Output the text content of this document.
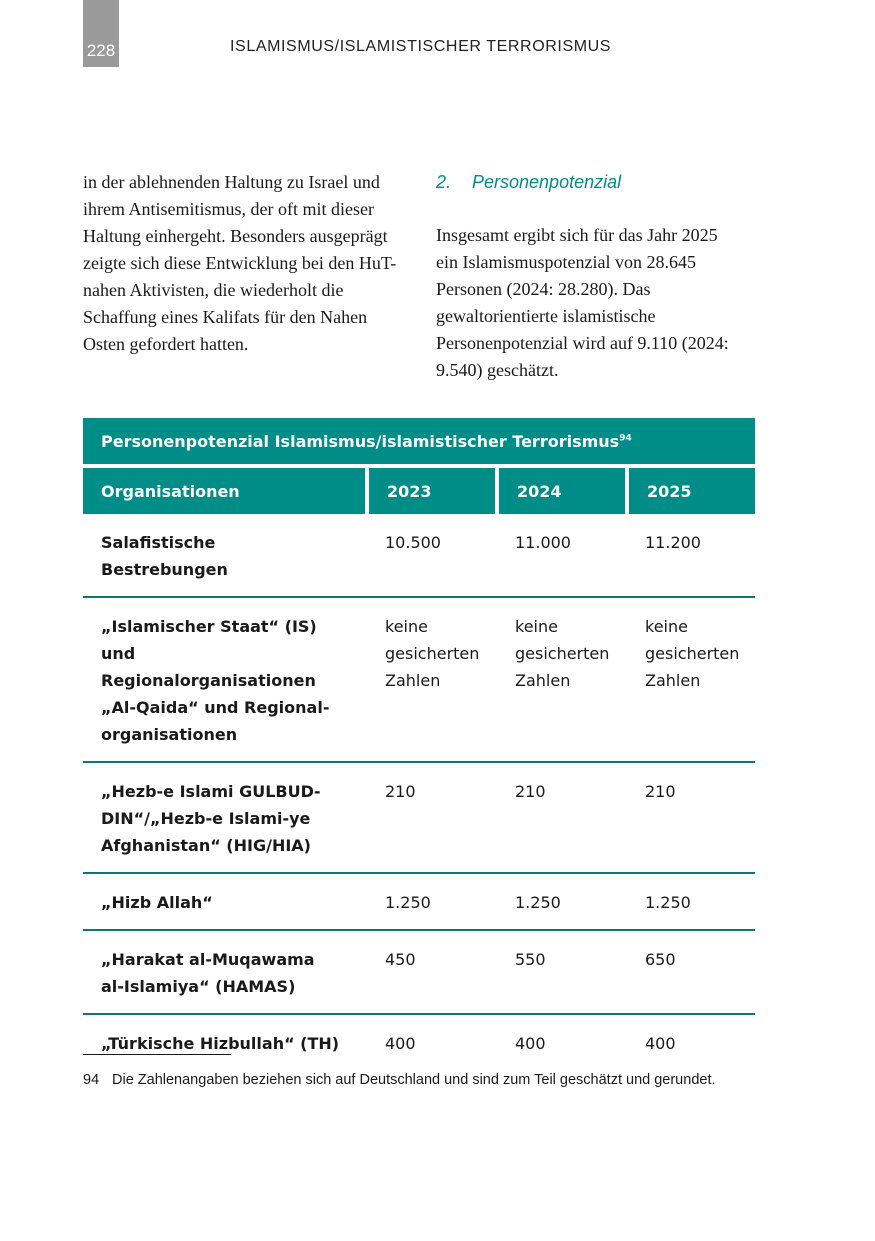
228	ISLAMISMUS/ISLAMISTISCHER TERRORISMUS

in der ablehnenden Haltung zu Israel und ihrem Antisemitismus, der oft mit dieser Haltung einhergeht. Besonders ausgeprägt zeigte sich diese Entwicklung bei den HuT-nahen Aktivisten, die wiederholt die Schaffung eines Kalifats für den Nahen Osten gefordert hatten.

2. Personenpotenzial

Insgesamt ergibt sich für das Jahr 2025 ein Islamismuspotenzial von 28.645 Personen (2024: 28.280). Das gewaltorientierte islamistische Personenpotenzial wird auf 9.110 (2024: 9.540) geschätzt.

Personenpotenzial Islamismus/islamistischer Terrorismus$^{94}$
Organisationen	2023	2024	2025
Salafistische Bestrebungen	10.500	11.000	11.200
„Islamischer Staat“ (IS) und Regionalorganisationen „Al-Qaida“ und Regionalorganisationen	keine gesicherten Zahlen	keine gesicherten Zahlen	keine gesicherten Zahlen
„Hezb-e Islami GULBUDDIN“/„Hezb-e Islami-ye Afghanistan“ (HIG/HIA)	210	210	210
„Hizb Allah“	1.250	1.250	1.250
„Harakat al-Muqawama al-Islamiya“ (HAMAS)	450	550	650
„Türkische Hizbullah“ (TH)	400	400	400
94 Die Zahlenangaben beziehen sich auf Deutschland und sind zum Teil geschätzt und gerundet.
